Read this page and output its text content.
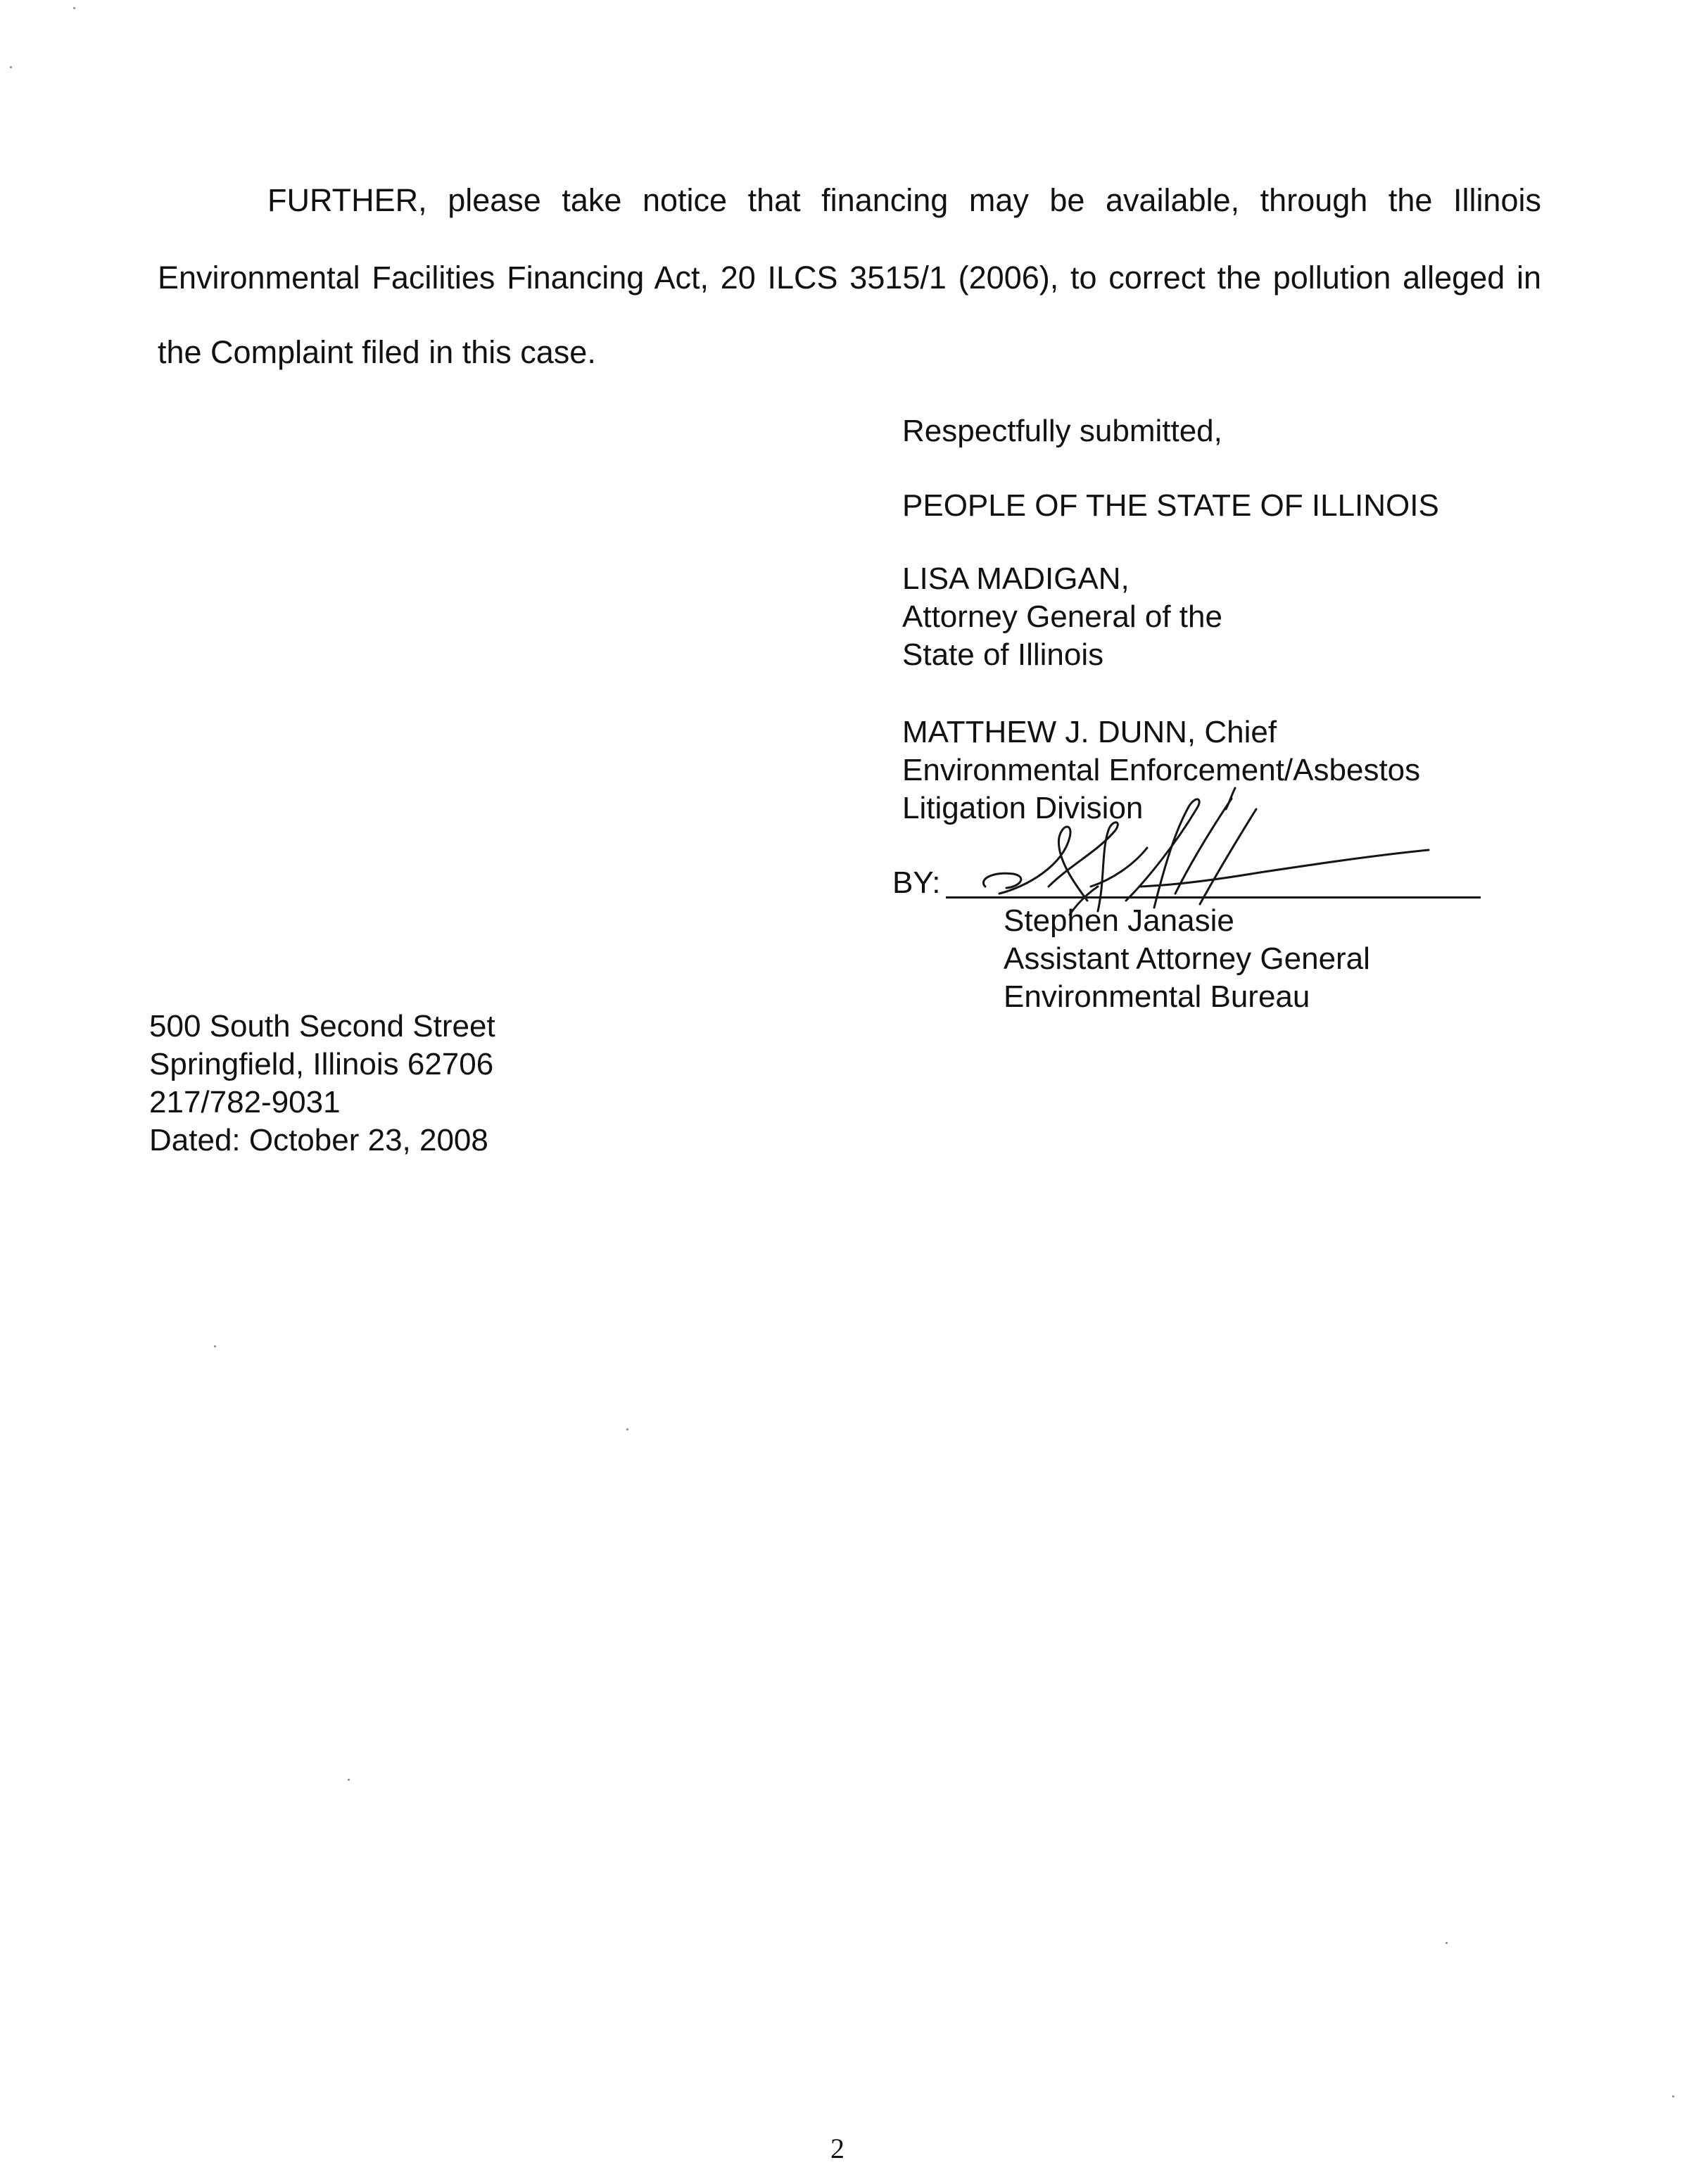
FURTHER, please take notice that financing may be available, through the Illinois
Environmental Facilities Financing Act, 20 ILCS 3515/1 (2006), to correct the pollution alleged in
the Complaint filed in this case.
Respectfully submitted,
PEOPLE OF THE STATE OF ILLINOIS
LISA MADIGAN,
Attorney General of the
State of Illinois
MATTHEW J. DUNN, Chief
Environmental Enforcement/Asbestos
Litigation Division
BY:
Stephen Janasie
Assistant Attorney General
Environmental Bureau
500 South Second Street
Springfield, Illinois 62706
217/782-9031
Dated: October 23, 2008
2
